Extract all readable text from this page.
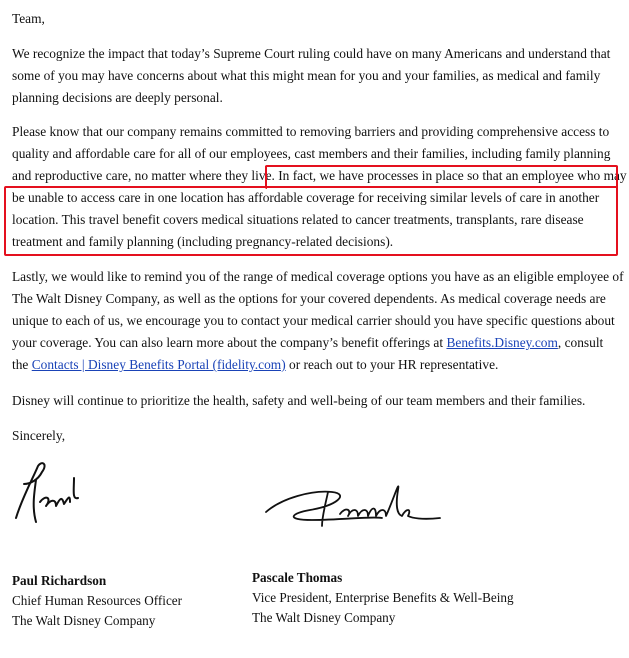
Team,

We recognize the impact that today’s Supreme Court ruling could have on many Americans and understand that
some of you may have concerns about what this might mean for you and your families, as medical and family
planning decisions are deeply personal.

Please know that our company remains committed to removing barriers and providing comprehensive access to
quality and affordable care for all of our employees, cast members and their families, including family planning
and reproductive care, no matter where they live. In fact, we have processes in place so that an employee who may
be unable to access care in one location has affordable coverage for receiving similar levels of care in another
location. This travel benefit covers medical situations related to cancer treatments, transplants, rare disease
treatment and family planning (including pregnancy-related decisions).

Lastly, we would like to remind you of the range of medical coverage options you have as an eligible employee of
The Walt Disney Company, as well as the options for your covered dependents. As medical coverage needs are
unique to each of us, we encourage you to contact your medical carrier should you have specific questions about
your coverage. You can also learn more about the company’s benefit offerings at Benefits.Disney.com, consult
the Contacts | Disney Benefits Portal (fidelity.com) or reach out to your HR representative.

Disney will continue to prioritize the health, safety and well-being of our team members and their families.

Sincerely,

Paul Richardson
Chief Human Resources Officer
The Walt Disney Company
Pascale Thomas
Vice President, Enterprise Benefits & Well-Being
The Walt Disney Company
